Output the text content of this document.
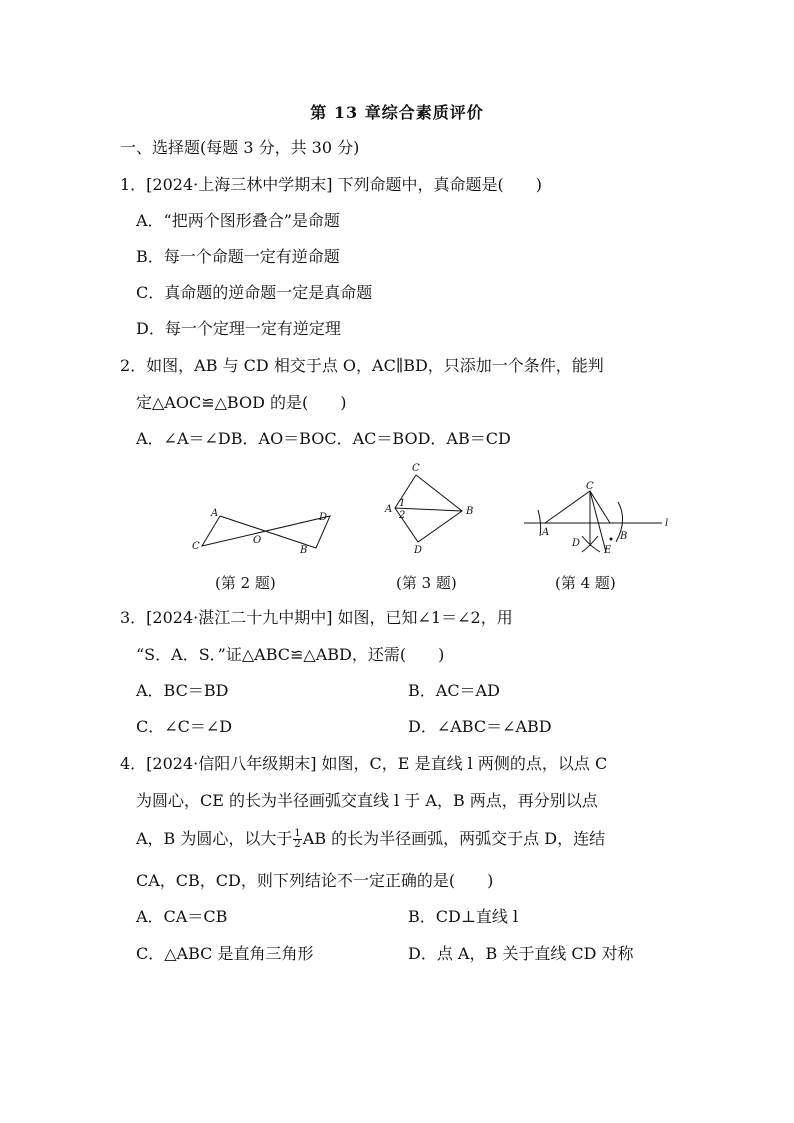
第 13 章综合素质评价
一、选择题(每题 3 分，共 30 分)
1．[2024·上海三林中学期末] 下列命题中，真命题是(　　)
A．“把两个图形叠合”是命题
B．每一个命题一定有逆命题
C．真命题的逆命题一定是真命题
D．每一个定理一定有逆定理
2．如图，AB 与 CD 相交于点 O，AC∥BD，只添加一个条件，能判
定△AOC≌△BOD 的是(　　)
A．∠A＝∠DB．AO＝BOC．AC＝BOD．AB＝CD
A
C
O
D
B
C
A
1
2	B
D
C
A
D
E
B
l
(第 2 题)	(第 3 题)	(第 4 题)
3．[2024·湛江二十九中期中] 如图，已知∠1＝∠2，用
“S．A．S．”证△ABC≌△ABD，还需(　　)
A．BC＝BD	B．AC＝AD
C．∠C＝∠D	D．∠ABC＝∠ABD
4．[2024·信阳八年级期末] 如图，C，E 是直线 l 两侧的点，以点 C
为圆心，CE 的长为半径画弧交直线 l 于 A，B 两点，再分别以点
A，B 为圆心，以大于 $\frac{1}{2}$ AB 的长为半径画弧，两弧交于点 D，连结
CA，CB，CD，则下列结论不一定正确的是(　　)
A．CA＝CB	B．CD⊥直线 l
C．△ABC 是直角三角形	D．点 A，B 关于直线 CD 对称
